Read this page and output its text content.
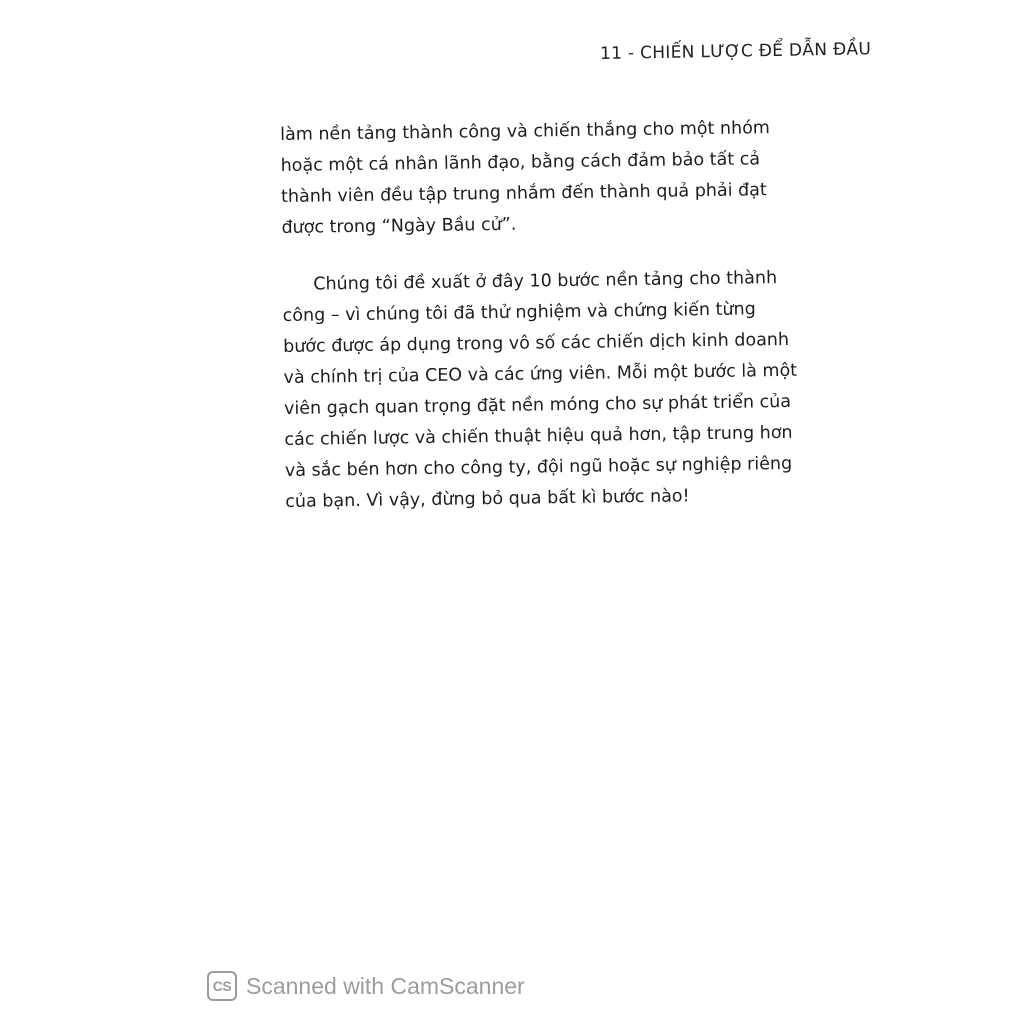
11 - CHIẾN LƯỢC ĐỂ DẪN ĐẦU
làm nền tảng thành công và chiến thắng cho một nhóm
hoặc một cá nhân lãnh đạo, bằng cách đảm bảo tất cả
thành viên đều tập trung nhắm đến thành quả phải đạt
được trong “Ngày Bầu cử”.
Chúng tôi đề xuất ở đây 10 bước nền tảng cho thành
công – vì chúng tôi đã thử nghiệm và chứng kiến từng
bước được áp dụng trong vô số các chiến dịch kinh doanh
và chính trị của CEO và các ứng viên. Mỗi một bước là một
viên gạch quan trọng đặt nền móng cho sự phát triển của
các chiến lược và chiến thuật hiệu quả hơn, tập trung hơn
và sắc bén hơn cho công ty, đội ngũ hoặc sự nghiệp riêng
của bạn. Vì vậy, đừng bỏ qua bất kì bước nào!
CS Scanned with CamScanner
